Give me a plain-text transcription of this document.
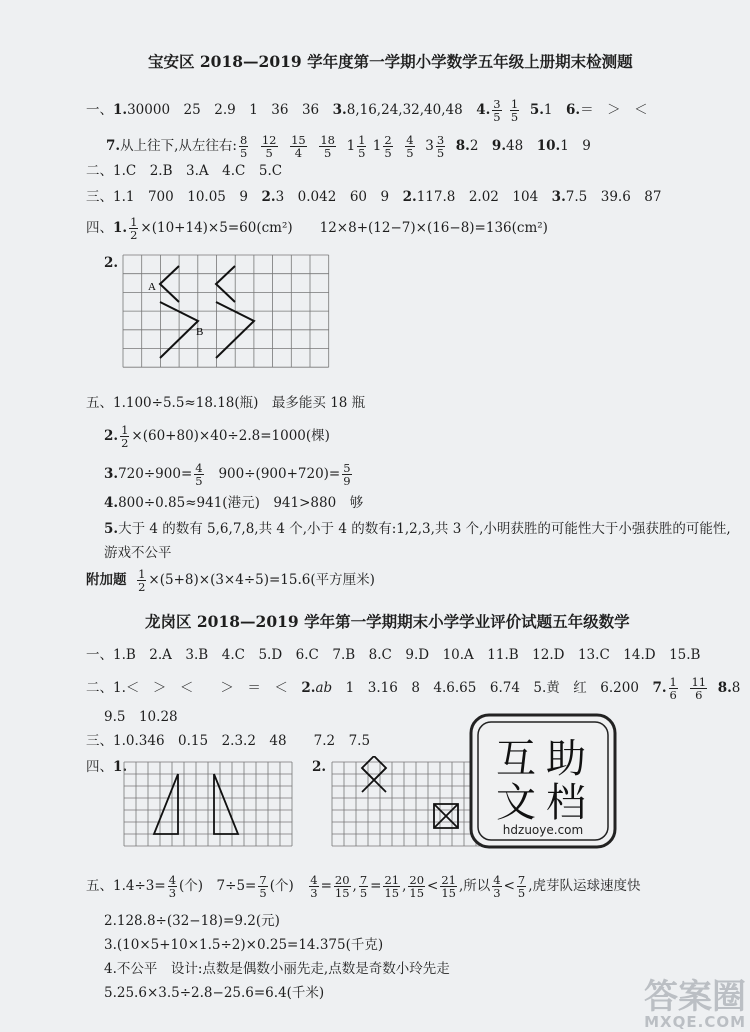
宝安区 2018—2019 学年度第一学期小学数学五年级上册期末检测题
一、1.30000　25　2.9　1　36　36　3.8,16,24,32,40,48　4. $\frac{3}{5}$
$\frac{1}{5} 5.1$　6.＝　＞　＜
7.从上往下,从左往右: $\frac{8}{5}$
$\frac{12}{5}$
$\frac{15}{4}$
$\frac{18}{5} 1 \frac{1}{5} 1 \frac{2}{5}$
$\frac{4}{5} 3 \frac{3}{5} 8.2$　9.48　10.1　9
二、1.C　2.B　3.A　4.C　5.C
三、1.1　700　10.05　9　2.3　0.042　60　9　2.117.8　2.02　104　3.7.5　39.6　87
四、1. $\frac{1}{2} \times(10+14)\times 5=60(cm^2)$　　12×8+(12−7)×(16−8)=136(cm²)
2.
A
B
五、1.100÷5.5≈18.18(瓶)　最多能买 18 瓶
2. $\frac{1}{2} \times(60+80)\times 40\div 2.8=1000$(棵)
$3.720\div 900= \frac{4}{5} 900\div(900+720)= \frac{5}{9}$
4.800÷0.85≈941(港元)　941>880　够
5.大于 4 的数有 5,6,7,8,共 4 个,小于 4 的数有:1,2,3,共 3 个,小明获胜的可能性大于小强获胜的可能性,
游戏不公平
附加题 $\frac{1}{2} \times(5+8)\times(3\times 4\div 5)=15.6$(平方厘米)
龙岗区 2018—2019 学年第一学期期末小学学业评价试题五年级数学
一、1.B　2.A　3.B　4.C　5.D　6.C　7.B　8.C　9.D　10.A　11.B　12.D　13.C　14.D　15.B
二、1.＜　＞　＜　　＞　＝　＜　2.ab　1　3.16　8　4.6.65　6.74　5.黄　红　6.200　7. $\frac{1}{6}$
$\frac{11}{6} 8.8$
9.5　10.28
三、1.0.346　0.15　2.3.2　48　　7.2　7.5
四、1.	2.	互 助
文 档
hdzuoye.com
五、$1.4\div 3= \frac{4}{3}$ (个)　$7\div 5= \frac{7}{5}$ (个)　 $\frac{4}{3} = \frac{20}{15}$ , $\frac{7}{5} = \frac{21}{15}$ , $\frac{20}{15} < \frac{21}{15}$ ,所以 $\frac{4}{3} < \frac{7}{5}$ ,虎芽队运球速度快
2.128.8÷(32−18)=9.2(元)
3.(10×5+10×1.5÷2)×0.25=14.375(千克)
4.不公平　设计:点数是偶数小丽先走,点数是奇数小玲先走
5.25.6×3.5÷2.8−25.6=6.4(千米)	答案圈
MXQE.COM
